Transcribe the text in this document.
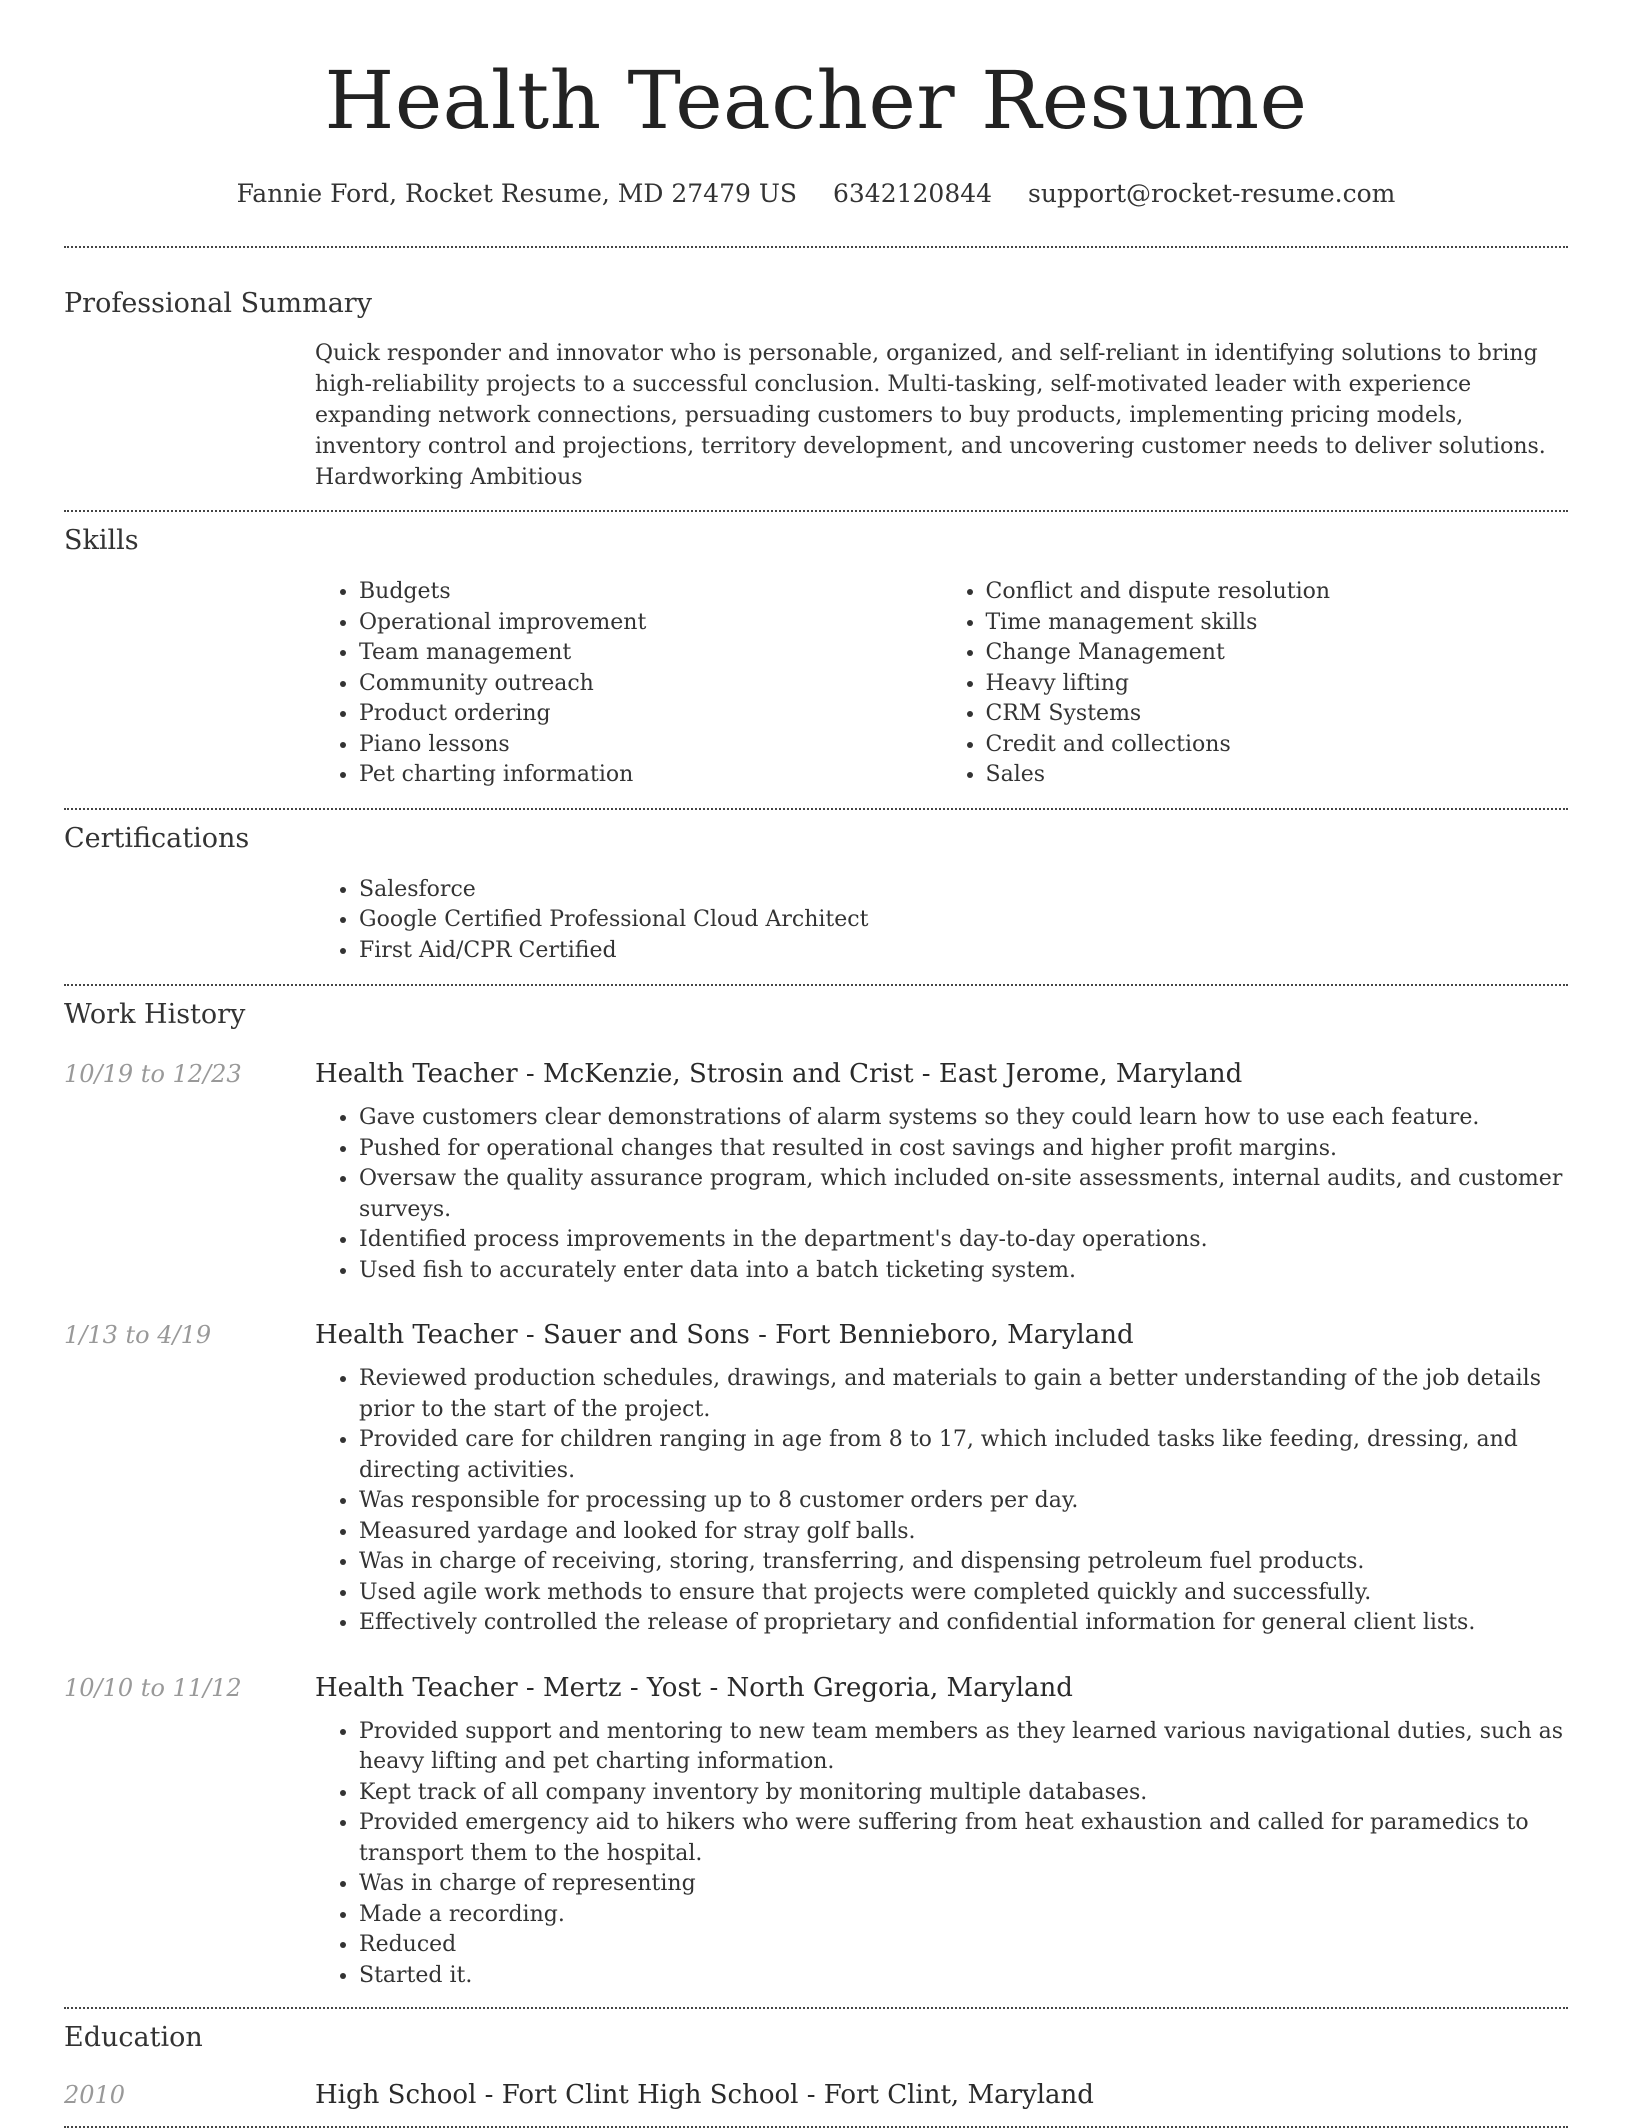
Health Teacher Resume
Fannie Ford, Rocket Resume, MD 27479 US 6342120844 support@rocket-resume.com
Professional Summary
Quick responder and innovator who is personable, organized, and self-reliant in identifying solutions to bring high-reliability projects to a successful conclusion. Multi-tasking, self-motivated leader with experience expanding network connections, persuading customers to buy products, implementing pricing models, inventory control and projections, territory development, and uncovering customer needs to deliver solutions. Hardworking Ambitious
Skills
• Budgets
• Operational improvement
• Team management
• Community outreach
• Product ordering
• Piano lessons
• Pet charting information
• Conflict and dispute resolution
• Time management skills
• Change Management
• Heavy lifting
• CRM Systems
• Credit and collections
• Sales
Certifications
• Salesforce
• Google Certified Professional Cloud Architect
• First Aid/CPR Certified
Work History
10/19 to 12/23	Health Teacher - McKenzie, Strosin and Crist - East Jerome, Maryland
• Gave customers clear demonstrations of alarm systems so they could learn how to use each feature.
• Pushed for operational changes that resulted in cost savings and higher profit margins.
• Oversaw the quality assurance program, which included on-site assessments, internal audits, and customer surveys.
• Identified process improvements in the department's day-to-day operations.
• Used fish to accurately enter data into a batch ticketing system.
1/13 to 4/19	Health Teacher - Sauer and Sons - Fort Bennieboro, Maryland
• Reviewed production schedules, drawings, and materials to gain a better understanding of the job details prior to the start of the project.
• Provided care for children ranging in age from 8 to 17, which included tasks like feeding, dressing, and directing activities.
• Was responsible for processing up to 8 customer orders per day.
• Measured yardage and looked for stray golf balls.
• Was in charge of receiving, storing, transferring, and dispensing petroleum fuel products.
• Used agile work methods to ensure that projects were completed quickly and successfully.
• Effectively controlled the release of proprietary and confidential information for general client lists.
10/10 to 11/12	Health Teacher - Mertz - Yost - North Gregoria, Maryland
• Provided support and mentoring to new team members as they learned various navigational duties, such as heavy lifting and pet charting information.
• Kept track of all company inventory by monitoring multiple databases.
• Provided emergency aid to hikers who were suffering from heat exhaustion and called for paramedics to transport them to the hospital.
• Was in charge of representing
• Made a recording.
• Reduced
• Started it.
Education
2010	High School - Fort Clint High School - Fort Clint, Maryland
